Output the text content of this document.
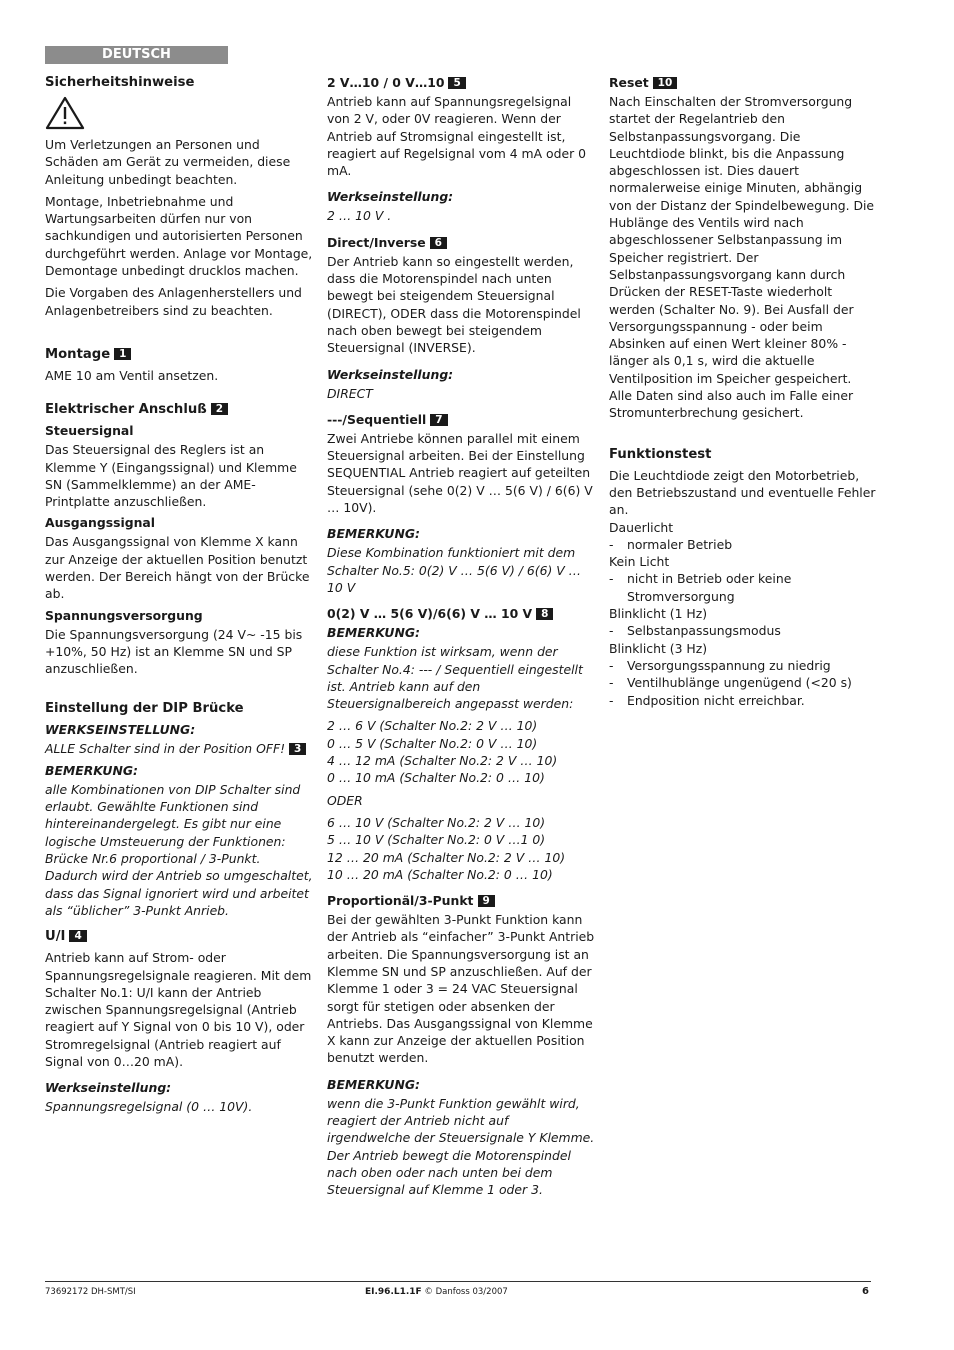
DEUTSCH
Sicherheitshinweise

Um Verletzungen an Personen und Schäden am Gerät zu vermeiden, diese Anleitung unbedingt beachten.

Montage, Inbetriebnahme und Wartungsarbeiten dürfen nur von sachkundigen und autorisierten Personen durchgeführt werden. Anlage vor Montage, Demontage unbedingt drucklos machen.

Die Vorgaben des Anlagenherstellers und Anlagenbetreibers sind zu beachten.

Montage 1

AME 10 am Ventil ansetzen.

Elektrischer Anschluß 2
Steuersignal

Das Steuersignal des Reglers ist an Klemme Y (Eingangssignal) und Klemme SN (Sammelklemme) an der AME-Printplatte anzuschließen.

Ausgangssignal

Das Ausgangssignal von Klemme X kann zur Anzeige der aktuellen Position benutzt werden. Der Bereich hängt von der Brücke ab.

Spannungsversorgung

Die Spannungsversorgung (24 V~ -15 bis +10%, 50 Hz) ist an Klemme SN und SP anzuschließen.

Einstellung der DIP Brücke
WERKSEINSTELLUNG:

ALLE Schalter sind in der Position OFF! 3

BEMERKUNG:

alle Kombinationen von DIP Schalter sind erlaubt. Gewählte Funktionen sind hintereinandergelegt. Es gibt nur eine logische Umsteuerung der Funktionen: Brücke Nr.6 proportional / 3-Punkt. Dadurch wird der Antrieb so umgeschaltet, dass das Signal ignoriert wird und arbeitet als “üblicher” 3-Punkt Anrieb.

U/I 4

Antrieb kann auf Strom- oder Spannungsregelsignale reagieren. Mit dem Schalter No.1: U/I kann der Antrieb zwischen Spannungsregelsignal (Antrieb reagiert auf Y Signal von 0 bis 10 V), oder Stromregelsignal (Antrieb reagiert auf Signal von 0…20 mA).

Werkseinstellung:

Spannungsregelsignal (0 … 10V).

2 V…10 / 0 V…10 5

Antrieb kann auf Spannungsregelsignal von 2 V, oder 0V reagieren. Wenn der Antrieb auf Stromsignal eingestellt ist, reagiert auf Regelsignal vom 4 mA oder 0 mA.

Werkseinstellung:

2 … 10 V .

Direct/Inverse 6

Der Antrieb kann so eingestellt werden, dass die Motorenspindel nach unten bewegt bei steigendem Steuersignal (DIRECT), ODER dass die Motorenspindel nach oben bewegt bei steigendem Steuersignal (INVERSE).

Werkseinstellung:

DIRECT

---/Sequentiell 7

Zwei Antriebe können parallel mit einem Steuersignal arbeiten. Bei der Einstellung SEQUENTIAL Antrieb reagiert auf geteilten Steuersignal (sehe 0(2) V … 5(6 V) / 6(6) V … 10V).

BEMERKUNG:

Diese Kombination funktioniert mit dem Schalter No.5: 0(2) V … 5(6 V) / 6(6) V … 10 V

0(2) V … 5(6 V)/6(6) V … 10 V 8
BEMERKUNG:

diese Funktion ist wirksam, wenn der Schalter No.4: --- / Sequentiell eingestellt ist. Antrieb kann auf den Steuersignalbereich angepasst werden:

2 … 6 V (Schalter No.2: 2 V … 10)

0 … 5 V (Schalter No.2: 0 V … 10)

4 … 12 mA (Schalter No.2: 2 V … 10)

0 … 10 mA (Schalter No.2: 0 … 10)

ODER

6 … 10 V (Schalter No.2: 2 V … 10)

5 … 10 V (Schalter No.2: 0 V …1 0)

12 … 20 mA (Schalter No.2: 2 V … 10)

10 … 20 mA (Schalter No.2: 0 … 10)

Proportionäl/3-Punkt 9

Bei der gewählten 3-Punkt Funktion kann der Antrieb als “einfacher” 3-Punkt Antrieb arbeiten. Die Spannungsversorgung ist an Klemme SN und SP anzuschließen. Auf der Klemme 1 oder 3 = 24 VAC Steuersignal sorgt für stetigen oder absenken der Antriebs. Das Ausgangssignal von Klemme X kann zur Anzeige der aktuellen Position benutzt werden.

BEMERKUNG:

wenn die 3-Punkt Funktion gewählt wird, reagiert der Antrieb nicht auf irgendwelche der Steuersignale Y Klemme. Der Antrieb bewegt die Motorenspindel nach oben oder nach unten bei dem Steuersignal auf Klemme 1 oder 3.

Reset 10

Nach Einschalten der Stromversorgung startet der Regelantrieb den Selbstanpassungsvorgang. Die Leuchtdiode blinkt, bis die Anpassung abgeschlossen ist. Dies dauert normalerweise einige Minuten, abhängig von der Distanz der Spindelbewegung. Die Hublänge des Ventils wird nach abgeschlossener Selbstanpassung im Speicher registriert. Der Selbstanpassungsvorgang kann durch Drücken der RESET-Taste wiederholt werden (Schalter No. 9). Bei Ausfall der Versorgungsspannung - oder beim Absinken auf einen Wert kleiner 80% - länger als 0,1 s, wird die aktuelle Ventilposition im Speicher gespeichert. Alle Daten sind also auch im Falle einer Stromunterbrechung gesichert.

Funktionstest

Die Leuchtdiode zeigt den Motorbetrieb, den Betriebszustand und eventuelle Fehler an.

Dauerlicht

-	normaler Betrieb

Kein Licht

-	nicht in Betrieb oder keine Stromversorgung

Blinklicht (1 Hz)

-	Selbstanpassungsmodus

Blinklicht (3 Hz)

-	Versorgungsspannung zu niedrig
-	Ventilhublänge ungenügend (<20 s)
-	Endposition nicht erreichbar.
73692172 DH-SMT/SI	EI.96.L1.1F © Danfoss 03/2007	6
